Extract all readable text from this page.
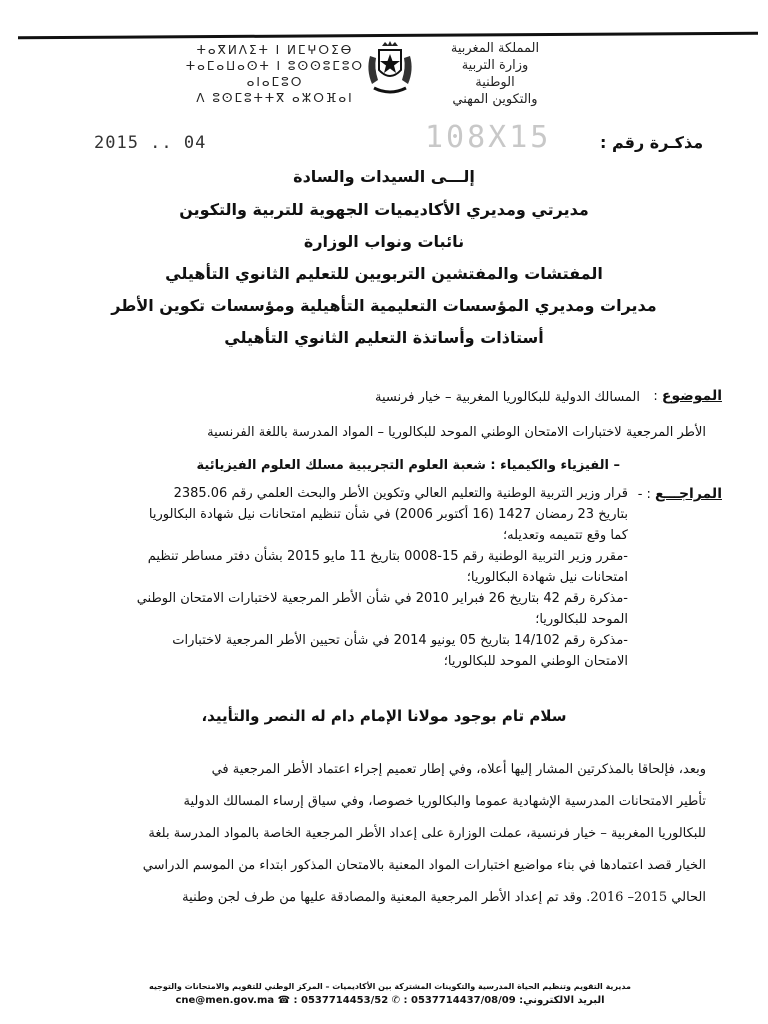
ⵜⴰⴳⵍⴷⵉⵜ ⵏ ⵍⵎⵖⵔⵉⴱ
ⵜⴰⵎⴰⵡⴰⵙⵜ ⵏ ⵓⵙⵙⵓⵎⵓⵔ ⴰⵏⴰⵎⵓⵔ
ⴷ ⵓⵙⵎⵓⵜⵜⴳ ⴰⵣⵔⴼⴰⵏ
المملكة المغربية
وزارة التربية الوطنية
والتكوين المهني
مذكـرة رقم :
2015 .. 04	108X15
إلـــى السيدات والسادة
مديرتي ومديري الأكاديميات الجهوية للتربية والتكوين
نائبات ونواب الوزارة
المفتشات والمفتشين التربويين للتعليم الثانوي التأهيلي
مديرات ومديري المؤسسات التعليمية التأهيلية ومؤسسات تكوين الأطر
أستاذات وأساتذة التعليم الثانوي التأهيلي
الموضوع :
المسالك الدولية للبكالوريا المغربية – خيار فرنسية
الأطر المرجعية لاختبارات الامتحان الوطني الموحد للبكالوريا – المواد المدرسة باللغة الفرنسية
– الفيزياء والكيمياء : شعبة العلوم التجريبية مسلك العلوم الفيزيائية
المراجـــع : -
قرار وزير التربية الوطنية والتعليم العالي وتكوين الأطر والبحث العلمي رقم 2385.06
بتاريخ 23 رمضان 1427 (16 أكتوبر 2006) في شأن تنظيم امتحانات نيل شهادة البكالوريا
كما وقع تتميمه وتعديله؛
-مقرر وزير التربية الوطنية رقم 15-0008 بتاريخ 11 مايو 2015 بشأن دفتر مساطر تنظيم
امتحانات نيل شهادة البكالوريا؛
-مذكرة رقم 42 بتاريخ 26 فبراير 2010 في شأن الأطر المرجعية لاختبارات الامتحان الوطني
الموحد للبكالوريا؛
-مذكرة رقم 14/102 بتاريخ 05 يونيو 2014 في شأن تحيين الأطر المرجعية لاختبارات
الامتحان الوطني الموحد للبكالوريا؛
سلام تام بوجود مولانا الإمام دام له النصر والتأييد،
وبعد، فإلحاقا بالمذكرتين المشار إليها أعلاه، وفي إطار تعميم إجراء اعتماد الأطر المرجعية في
تأطير الامتحانات المدرسية الإشهادية عموما والبكالوريا خصوصا، وفي سياق إرساء المسالك الدولية
للبكالوريا المغربية – خيار فرنسية، عملت الوزارة على إعداد الأطر المرجعية الخاصة بالمواد المدرسة بلغة
الخيار قصد اعتمادها في بناء مواضيع اختبارات المواد المعنية بالامتحان المذكور ابتداء من الموسم الدراسي
الحالي 2015– 2016. وقد تم إعداد الأطر المرجعية المعنية والمصادقة عليها من طرف لجن وطنية
مديرية التقويم وتنظيم الحياة المدرسية والتكوينات المشتركة بين الأكاديميات – المركز الوطني للتقويم والامتحانات والتوجيه
البريد الالكتروني: cne@men.gov.ma ☎ : 0537714453/52 ✆ : 0537714437/08/09
